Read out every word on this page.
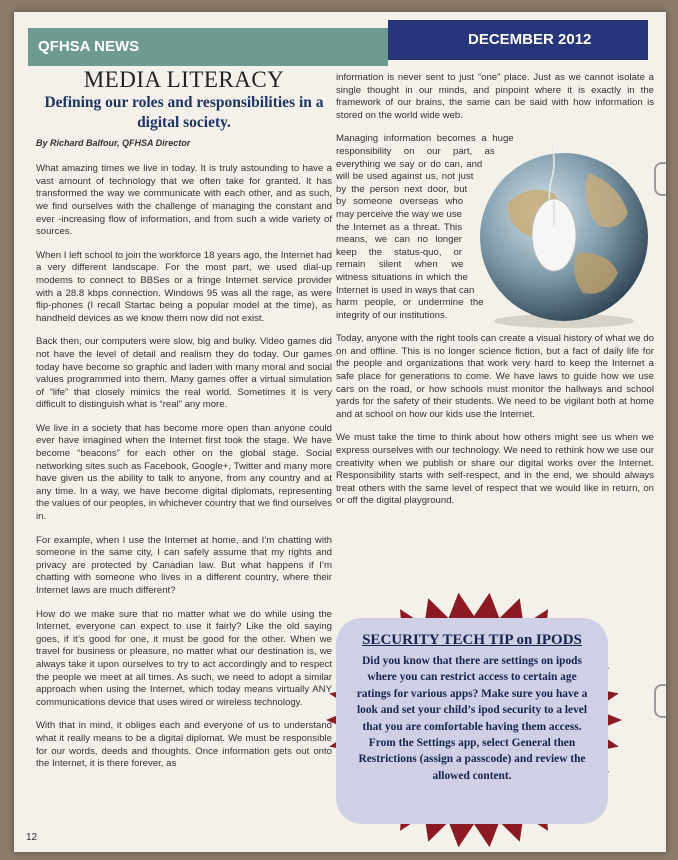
QFHSA NEWS	DECEMBER 2012
MEDIA LITERACY
Defining our roles and responsibilities in a digital society.
By Richard Balfour, QFHSA Director

What amazing times we live in today. It is truly astounding to have a vast amount of technology that we often take for granted. It has transformed the way we communicate with each other, and as such, we find ourselves with the challenge of managing the constant and ever -increasing flow of information, and from such a wide variety of sources.

When I left school to join the workforce 18 years ago, the Internet had a very different landscape. For the most part, we used dial-up modems to connect to BBSes or a fringe Internet service provider with a 28.8 kbps connection. Windows 95 was all the rage, as were flip-phones (I recall Startac being a popular model at the time), as handheld devices as we know them now did not exist.

Back then, our computers were slow, big and bulky. Video games did not have the level of detail and realism they do today. Our games today have become so graphic and laden with many moral and social values programmed into them. Many games offer a virtual simulation of “life” that closely mimics the real world. Sometimes it is very difficult to distinguish what is “real” any more.

We live in a society that has become more open than anyone could ever have imagined when the Internet first took the stage. We have become “beacons” for each other on the global stage. Social networking sites such as Facebook, Google+, Twitter and many more have given us the ability to talk to anyone, from any country and at any time. In a way, we have become digital diplomats, representing the values of our peoples, in whichever country that we find ourselves in.

For example, when I use the Internet at home, and I’m chatting with someone in the same city, I can safely assume that my rights and privacy are protected by Canadian law. But what happens if I’m chatting with someone who lives in a different country, where their Internet laws are much different?

How do we make sure that no matter what we do while using the Internet, everyone can expect to use it fairly? Like the old saying goes, if it’s good for one, it must be good for the other. When we travel for business or pleasure, no matter what our destination is, we always take it upon ourselves to try to act accordingly and to respect the people we meet at all times. As such, we need to adopt a similar approach when using the Internet, which today means virtually ANY communications device that uses wired or wireless technology.

With that in mind, it obliges each and everyone of us to understand what it really means to be a digital diplomat. We must be responsible for our words, deeds and thoughts. Once information gets out onto the Internet, it is there forever, as

information is never sent to just “one” place. Just as we cannot isolate a single thought in our minds, and pinpoint where it is exactly in the framework of our brains, the same can be said with how information is stored on the world wide web.

Managing information becomes a huge responsibility on our part, as everything we say or do can, and will be used against us, not just by the person next door, but by someone overseas who may perceive the way we use the Internet as a threat. This means, we can no longer keep the status-quo, or remain silent when we witness situations in which the Internet is used in ways that can harm people, or undermine the integrity of our institutions.

Today, anyone with the right tools can create a visual history of what we do on and offline. This is no longer science fiction, but a fact of daily life for the people and organizations that work very hard to keep the Internet a safe place for generations to come. We have laws to guide how we use cars on the road, or how schools must monitor the hallways and school yards for the safety of their students. We need to be vigilant both at home and at school on how our kids use the Internet.

We must take the time to think about how others might see us when we express ourselves with our technology. We need to rethink how we use our creativity when we publish or share our digital works over the Internet. Responsibility starts with self-respect, and in the end, we should always treat others with the same level of respect that we would like in return, on or off the digital playground.

SECURITY TECH TIP on IPODS
Did you know that there are settings on ipods where you can restrict access to certain age ratings for various apps? Make sure you have a look and set your child’s ipod security to a level that you are comfortable having them access. From the Settings app, select General then Restrictions (assign a passcode) and review the allowed content.
12
